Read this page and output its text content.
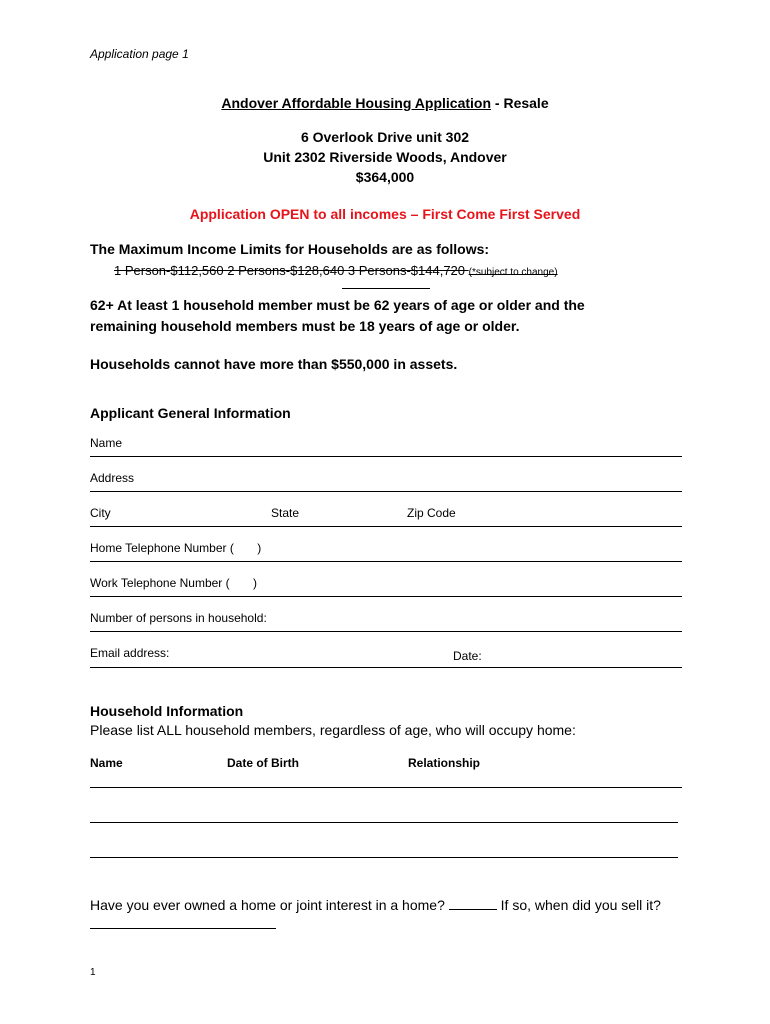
Application page 1
Andover Affordable Housing Application - Resale
6 Overlook Drive unit 302
Unit 2302 Riverside Woods, Andover
$364,000
Application OPEN to all incomes – First Come First Served
The Maximum Income Limits for Households are as follows:
1 Person-$112,560 2 Persons-$128,640 3 Persons-$144,720 (*subject to change)
62+ At least 1 household member must be 62 years of age or older and the
remaining household members must be 18 years of age or older.
Households cannot have more than $550,000 in assets.
Applicant General Information
Name
Address
City	State	Zip Code
Home Telephone Number (       )
Work Telephone Number (       )
Number of persons in household:
Email address:	Date:
Household Information
Please list ALL household members, regardless of age, who will occupy home:
Name	Date of Birth	Relationship
Have you ever owned a home or joint interest in a home?	If so, when did you sell it?
1
